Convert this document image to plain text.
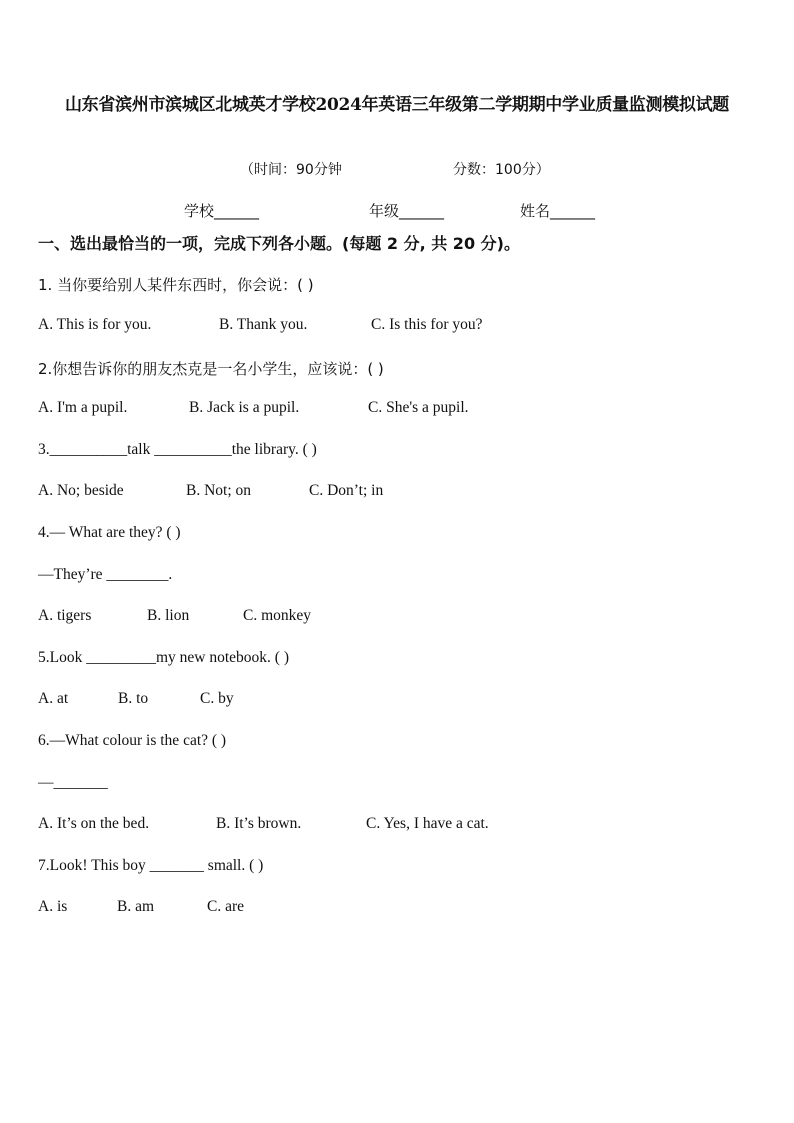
山东省滨州市滨城区北城英才学校2024年英语三年级第二学期期中学业质量监测模拟试题
（时间：90分钟	分数：100分）
学校______	年级______	姓名______
一、选出最恰当的一项，完成下列各小题。(每题 2 分, 共 20 分)。
1. 当你要给别人某件东西时，你会说：( )
A. This is for you.	B. Thank you.	C. Is this for you?
2.你想告诉你的朋友杰克是一名小学生，应该说：( )
A. I'm a pupil.	B. Jack is a pupil.	C. She's a pupil.
3.__________talk __________the library. ( )
A. No; beside	B. Not; on	C. Don’t; in
4.— What are they? ( )
—They’re ________.
A. tigers	B. lion	C. monkey
5.Look _________my new notebook. ( )
A. at	B. to	C. by
6.—What colour is the cat? ( )
—_______
A. It’s on the bed.	B. It’s brown.	C. Yes, I have a cat.
7.Look! This boy _______ small. ( )
A. is	B. am	C. are
